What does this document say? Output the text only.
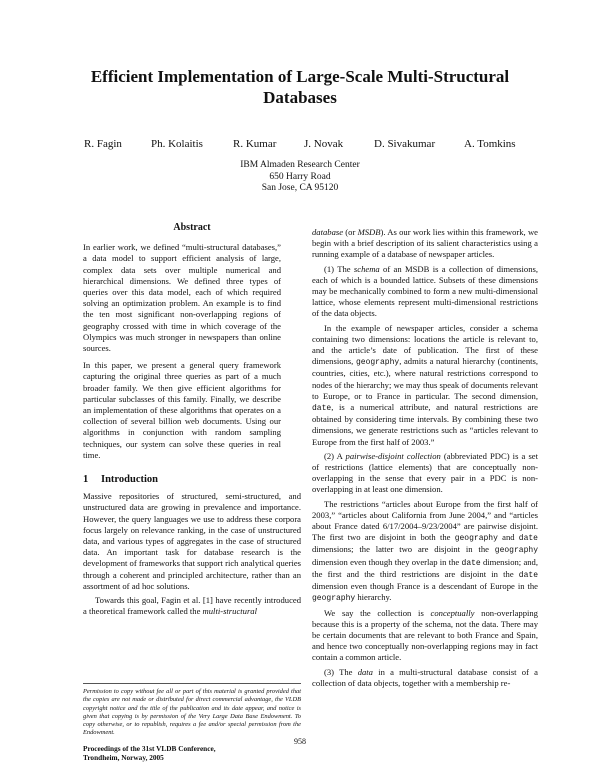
Efficient Implementation of Large-Scale Multi-Structural
Databases
R. Fagin	Ph. Kolaitis	R. Kumar	J. Novak	D. Sivakumar	A. Tomkins
IBM Almaden Research Center
650 Harry Road
San Jose, CA 95120
Abstract

In earlier work, we defined “multi-structural databases,” a data model to support efficient analysis of large, complex data sets over multiple numerical and hierarchical dimensions. We defined three types of queries over this data model, each of which required solving an optimization problem. An example is to find the ten most significant non-overlapping regions of geography crossed with time in which coverage of the Olympics was much stronger in newspapers than online sources.

In this paper, we present a general query framework capturing the original three queries as part of a much broader family. We then give efficient algorithms for particular subclasses of this family. Finally, we describe an implementation of these algorithms that operates on a collection of several billion web documents. Using our algorithms in conjunction with random sampling techniques, our system can solve these queries in real time.

1 Introduction

Massive repositories of structured, semi-structured, and unstructured data are growing in prevalence and importance. However, the query languages we use to address these corpora focus largely on relevance ranking, in the case of unstructured data, and various types of aggregates in the case of structured data. An important task for database research is the development of frameworks that support rich analytical queries through a coherent and principled architecture, rather than an assortment of ad hoc solutions.

Towards this goal, Fagin et al. [1] have recently introduced a theoretical framework called the multi-structural

Permission to copy without fee all or part of this material is granted provided that the copies are not made or distributed for direct commercial advantage, the VLDB copyright notice and the title of the publication and its date appear, and notice is given that copying is by permission of the Very Large Data Base Endowment. To copy otherwise, or to republish, requires a fee and/or special permission from the Endowment.
Proceedings of the 31st VLDB Conference,
Trondheim, Norway, 2005

database (or MSDB). As our work lies within this framework, we begin with a brief description of its salient characteristics using a running example of a database of newspaper articles.

(1) The schema of an MSDB is a collection of dimensions, each of which is a bounded lattice. Subsets of these dimensions may be mechanically combined to form a new multi-dimensional lattice, whose elements represent multi-dimensional restrictions of the data objects.

In the example of newspaper articles, consider a schema containing two dimensions: locations the article is relevant to, and the article’s date of publication. The first of these dimensions, geography, admits a natural hierarchy (continents, countries, cities, etc.), where natural restrictions correspond to nodes of the hierarchy; we may thus speak of documents relevant to Europe, or to France in particular. The second dimension, date, is a numerical attribute, and natural restrictions are obtained by considering time intervals. By combining these two dimensions, we generate restrictions such as “articles relevant to Europe from the first half of 2003.”

(2) A pairwise-disjoint collection (abbreviated PDC) is a set of restrictions (lattice elements) that are conceptually non-overlapping in the sense that every pair in a PDC is non-overlapping in at least one dimension.

The restrictions “articles about Europe from the first half of 2003,” “articles about California from June 2004,” and “articles about France dated 6/17/2004–9/23/2004” are pairwise disjoint. The first two are disjoint in both the geography and date dimensions; the latter two are disjoint in the geography dimension even though they overlap in the date dimension; and, the first and the third restrictions are disjoint in the date dimension even though France is a descendant of Europe in the geography hierarchy.

We say the collection is conceptually non-overlapping because this is a property of the schema, not the data. There may be certain documents that are relevant to both France and Spain, and hence two conceptually non-overlapping regions may in fact contain a common article.

(3) The data in a multi-structural database consist of a collection of data objects, together with a membership re-

958
